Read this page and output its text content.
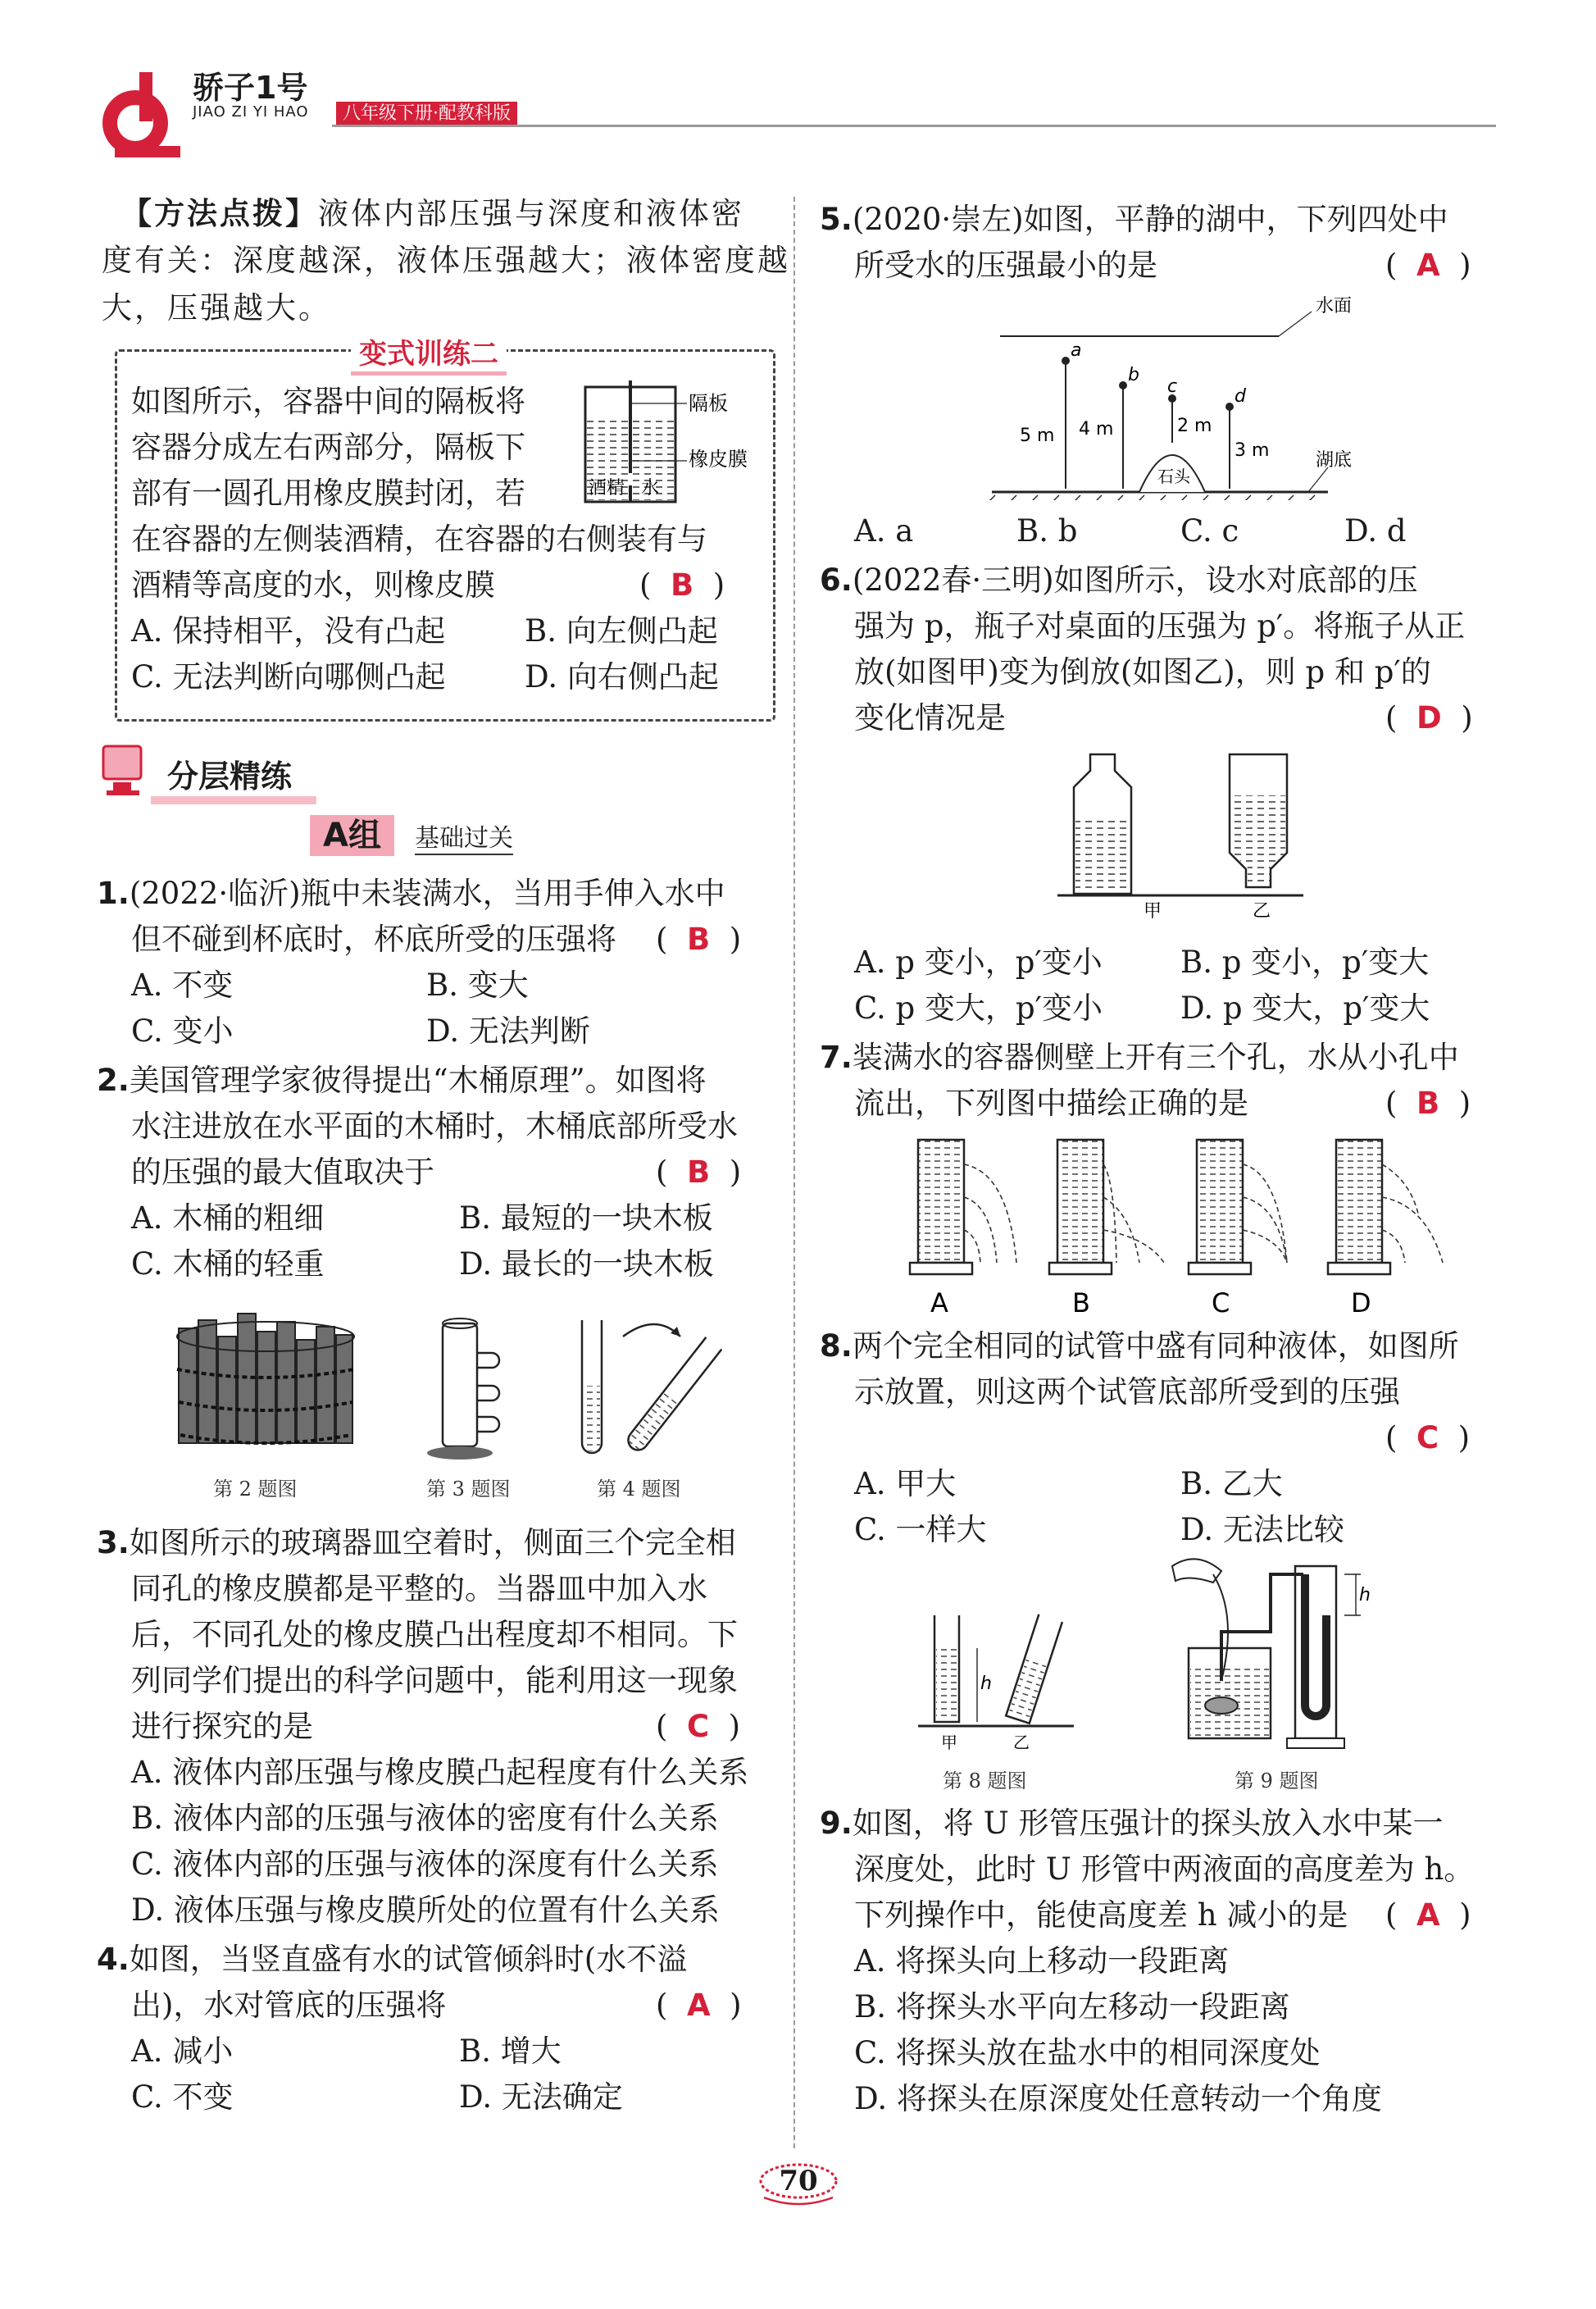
骄子1号
JIAO ZI YI HAO	八年级下册·配教科版
【方法点拨】液体内部压强与深度和液体密
度有关：深度越深，液体压强越大；液体密度越
大，压强越大。
变式训练二
如图所示，容器中间的隔板将
容器分成左右两部分，隔板下
部有一圆孔用橡皮膜封闭，若
在容器的左侧装酒精，在容器的右侧装有与
酒精等高度的水，则橡皮膜	(  B  )
A. 保持相平，没有凸起	B. 向左侧凸起
C. 无法判断向哪侧凸起	D. 向右侧凸起
隔板
橡皮膜
酒精 水
分层精练
A组 基础过关
1.(2022·临沂)瓶中未装满水，当用手伸入水中
但不碰到杯底时，杯底所受的压强将 (  B  )
A. 不变	B. 变大
C. 变小	D. 无法判断
2.美国管理学家彼得提出“木桶原理”。如图将
水注进放在水平面的木桶时，木桶底部所受水
的压强的最大值取决于	(  B  )
A. 木桶的粗细	B. 最短的一块木板
C. 木桶的轻重	D. 最长的一块木板
第 2 题图	第 3 题图	第 4 题图
3.如图所示的玻璃器皿空着时，侧面三个完全相
同孔的橡皮膜都是平整的。当器皿中加入水
后，不同孔处的橡皮膜凸出程度却不相同。下
列同学们提出的科学问题中，能利用这一现象
进行探究的是	(  C  )
A. 液体内部压强与橡皮膜凸起程度有什么关系
B. 液体内部的压强与液体的密度有什么关系
C. 液体内部的压强与液体的深度有什么关系
D. 液体压强与橡皮膜所处的位置有什么关系
4.如图，当竖直盛有水的试管倾斜时(水不溢
出)，水对管底的压强将	(  A  )
A. 减小	B. 增大
C. 不变	D. 无法确定
5.(2020·崇左)如图，平静的湖中，下列四处中
所受水的压强最小的是	(  A  )
水面
石头
湖底
a
b
c	d
5 m 4 m	2 m
3 m
A. a	B. b	C. c	D. d
6.(2022春·三明)如图所示，设水对底部的压
强为 p，瓶子对桌面的压强为 p′。将瓶子从正
放(如图甲)变为倒放(如图乙)，则 p 和 p′的
变化情况是	(  D  )
甲	乙
A. p 变小，p′变小	B. p 变小，p′变大
C. p 变大，p′变小	D. p 变大，p′变大
7.装满水的容器侧壁上开有三个孔，水从小孔中
流出，下列图中描绘正确的是	(  B  )
A	B	C	D
8.两个完全相同的试管中盛有同种液体，如图所
示放置，则这两个试管底部所受到的压强
(  C  )
A. 甲大	B. 乙大
C. 一样大	D. 无法比较
h
甲	乙
第 8 题图
h
第 9 题图
9.如图，将 U 形管压强计的探头放入水中某一
深度处，此时 U 形管中两液面的高度差为 h。
下列操作中，能使高度差 h 减小的是 (  A  )
A. 将探头向上移动一段距离
B. 将探头水平向左移动一段距离
C. 将探头放在盐水中的相同深度处
D. 将探头在原深度处任意转动一个角度
70
